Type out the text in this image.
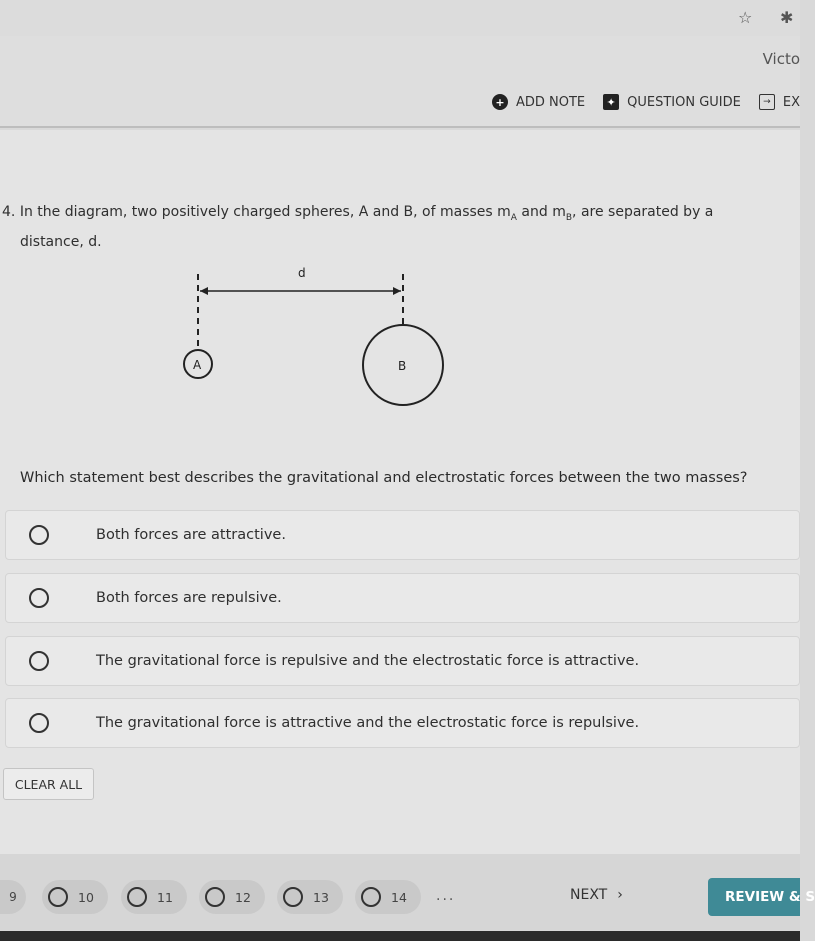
☆ ✱
Victo
+ ADD NOTE	✦ QUESTION GUIDE	→ EX
4. In the diagram, two positively charged spheres, A and B, of masses $m_A$ and $m_B$, are separated by a
distance, d.
d
A	B
Which statement best describes the gravitational and electrostatic forces between the two masses?
Both forces are attractive.
Both forces are repulsive.
The gravitational force is repulsive and the electrostatic force is attractive.
The gravitational force is attractive and the electrostatic force is repulsive.
CLEAR ALL
9	10	11	12	13	14 ...	NEXT ›	REVIEW & S
